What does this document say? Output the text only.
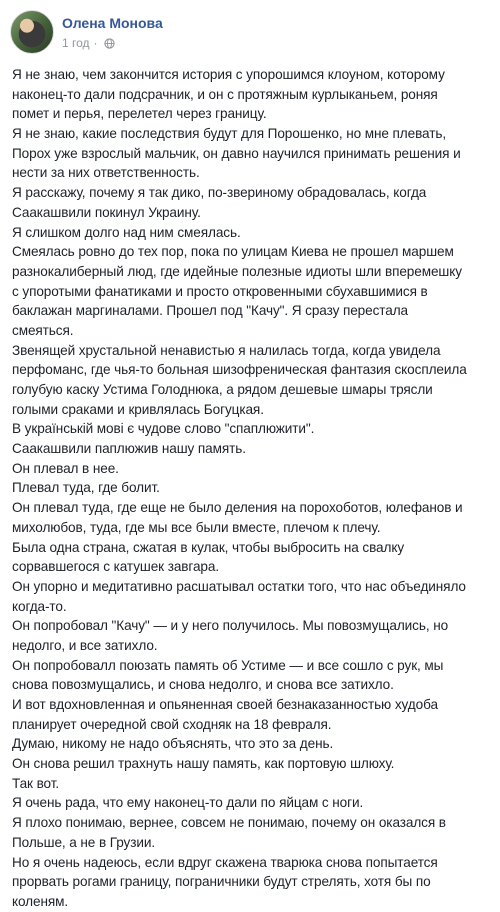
Олена Монова
1 год ·
Я не знаю, чем закончится история с упорошимся клоуном, которому
наконец-то дали подсрачник, и он с протяжным курлыканьем, роняя
помет и перья, перелетел через границу.
Я не знаю, какие последствия будут для Порошенко, но мне плевать,
Порох уже взрослый мальчик, он давно научился принимать решения и
нести за них ответственность.
Я расскажу, почему я так дико, по-звериному обрадовалась, когда
Саакашвили покинул Украину.
Я слишком долго над ним смеялась.
Смеялась ровно до тех пор, пока по улицам Киева не прошел маршем
разнокалиберный люд, где идейные полезные идиоты шли вперемешку
с упоротыми фанатиками и просто откровенными сбухавшимися в
баклажан маргиналами. Прошел под "Качу". Я сразу перестала
смеяться.
Звенящей хрустальной ненавистью я налилась тогда, когда увидела
перфоманс, где чья-то больная шизофреническая фантазия скосплеила
голубую каску Устима Голоднюка, а рядом дешевые шмары трясли
голыми сраками и кривлялась Богуцкая.
В українській мові є чудове слово "спаплюжити".
Саакашвили паплюжив нашу память.
Он плевал в нее.
Плевал туда, где болит.
Он плевал туда, где еще не было деления на порохоботов, юлефанов и
михолюбов, туда, где мы все были вместе, плечом к плечу.
Была одна страна, сжатая в кулак, чтобы выбросить на свалку
сорвавшегося с катушек завгара.
Он упорно и медитативно расшатывал остатки того, что нас объединяло
когда-то.
Он попробовал "Качу" — и у него получилось. Мы повозмущались, но
недолго, и все затихло.
Он попробовалл поюзать память об Устиме — и все сошло с рук, мы
снова повозмущались, и снова недолго, и снова все затихло.
И вот вдохновленная и опьяненная своей безнаказанностью худоба
планирует очередной свой сходняк на 18 февраля.
Думаю, никому не надо объяснять, что это за день.
Он снова решил трахнуть нашу память, как портовую шлюху.
Так вот.
Я очень рада, что ему наконец-то дали по яйцам с ноги.
Я плохо понимаю, вернее, совсем не понимаю, почему он оказался в
Польше, а не в Грузии.
Но я очень надеюсь, если вдруг скажена тварюка снова попытается
прорвать рогами границу, пограничники будут стрелять, хотя бы по
коленям.
